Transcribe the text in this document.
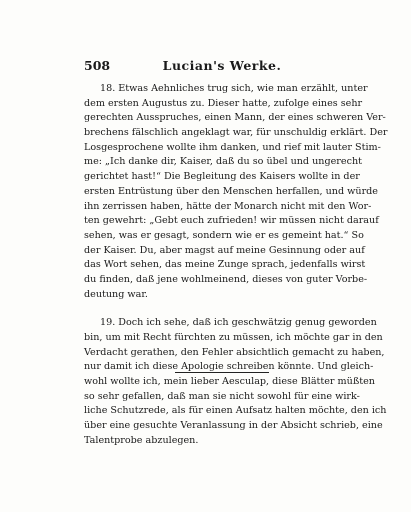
508	Lucian's Werke.
18. Etwas Aehnliches trug sich, wie man erzählt, unter
dem ersten Augustus zu. Dieser hatte, zufolge eines sehr
gerechten Ausspruches, einen Mann, der eines schweren Ver-
brechens fälschlich angeklagt war, für unschuldig erklärt. Der
Losgesprochene wollte ihm danken, und rief mit lauter Stim-
me: „Ich danke dir, Kaiser, daß du so übel und ungerecht
gerichtet hast!“ Die Begleitung des Kaisers wollte in der
ersten Entrüstung über den Menschen herfallen, und würde
ihn zerrissen haben, hätte der Monarch nicht mit den Wor-
ten gewehrt: „Gebt euch zufrieden! wir müssen nicht darauf
sehen, was er gesagt, sondern wie er es gemeint hat.“ So
der Kaiser. Du, aber magst auf meine Gesinnung oder auf
das Wort sehen, das meine Zunge sprach, jedenfalls wirst
du finden, daß jene wohlmeinend, dieses von guter Vorbe-
deutung war.
19. Doch ich sehe, daß ich geschwätzig genug geworden
bin, um mit Recht fürchten zu müssen, ich möchte gar in den
Verdacht gerathen, den Fehler absichtlich gemacht zu haben,
nur damit ich diese Apologie schreiben könnte. Und gleich-
wohl wollte ich, mein lieber Aesculap, diese Blätter müßten
so sehr gefallen, daß man sie nicht sowohl für eine wirk-
liche Schutzrede, als für einen Aufsatz halten möchte, den ich
über eine gesuchte Veranlassung in der Absicht schrieb, eine
Talentprobe abzulegen.
